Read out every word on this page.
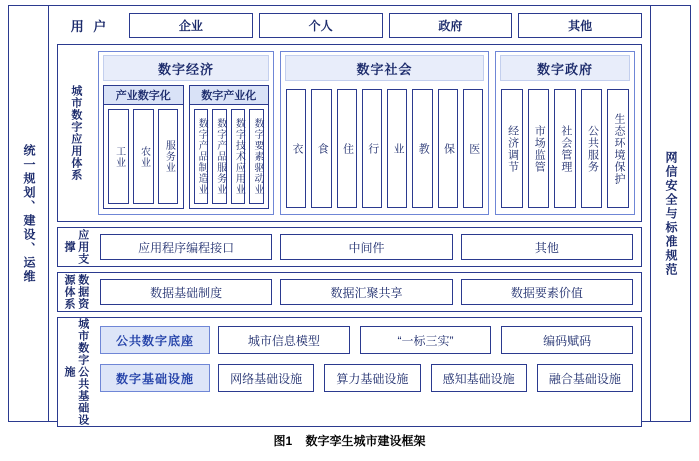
统一规划、建设、运维	网信安全与标准规范
用 户	企业	个人	政府	其他
城市数字应用体系
数字经济
产业数字化
工业 农业 服务业
数字产业化
数字产品制造业 数字产品服务业 数字技术应用业 数字要素驱动业
数字社会
衣 食 住 行 业 教 保 医
数字政府
经济调节 市场监管 社会管理 公共服务 生态环境保护
应用支撑	应用程序编程接口	中间件	其他
数据资源体系	数据基础制度	数据汇聚共享	数据要素价值
城市数字公共基础设施
公共数字底座	城市信息模型	“一标三实”	编码赋码
数字基础设施	网络基础设施	算力基础设施	感知基础设施	融合基础设施
图1 数字孪生城市建设框架
